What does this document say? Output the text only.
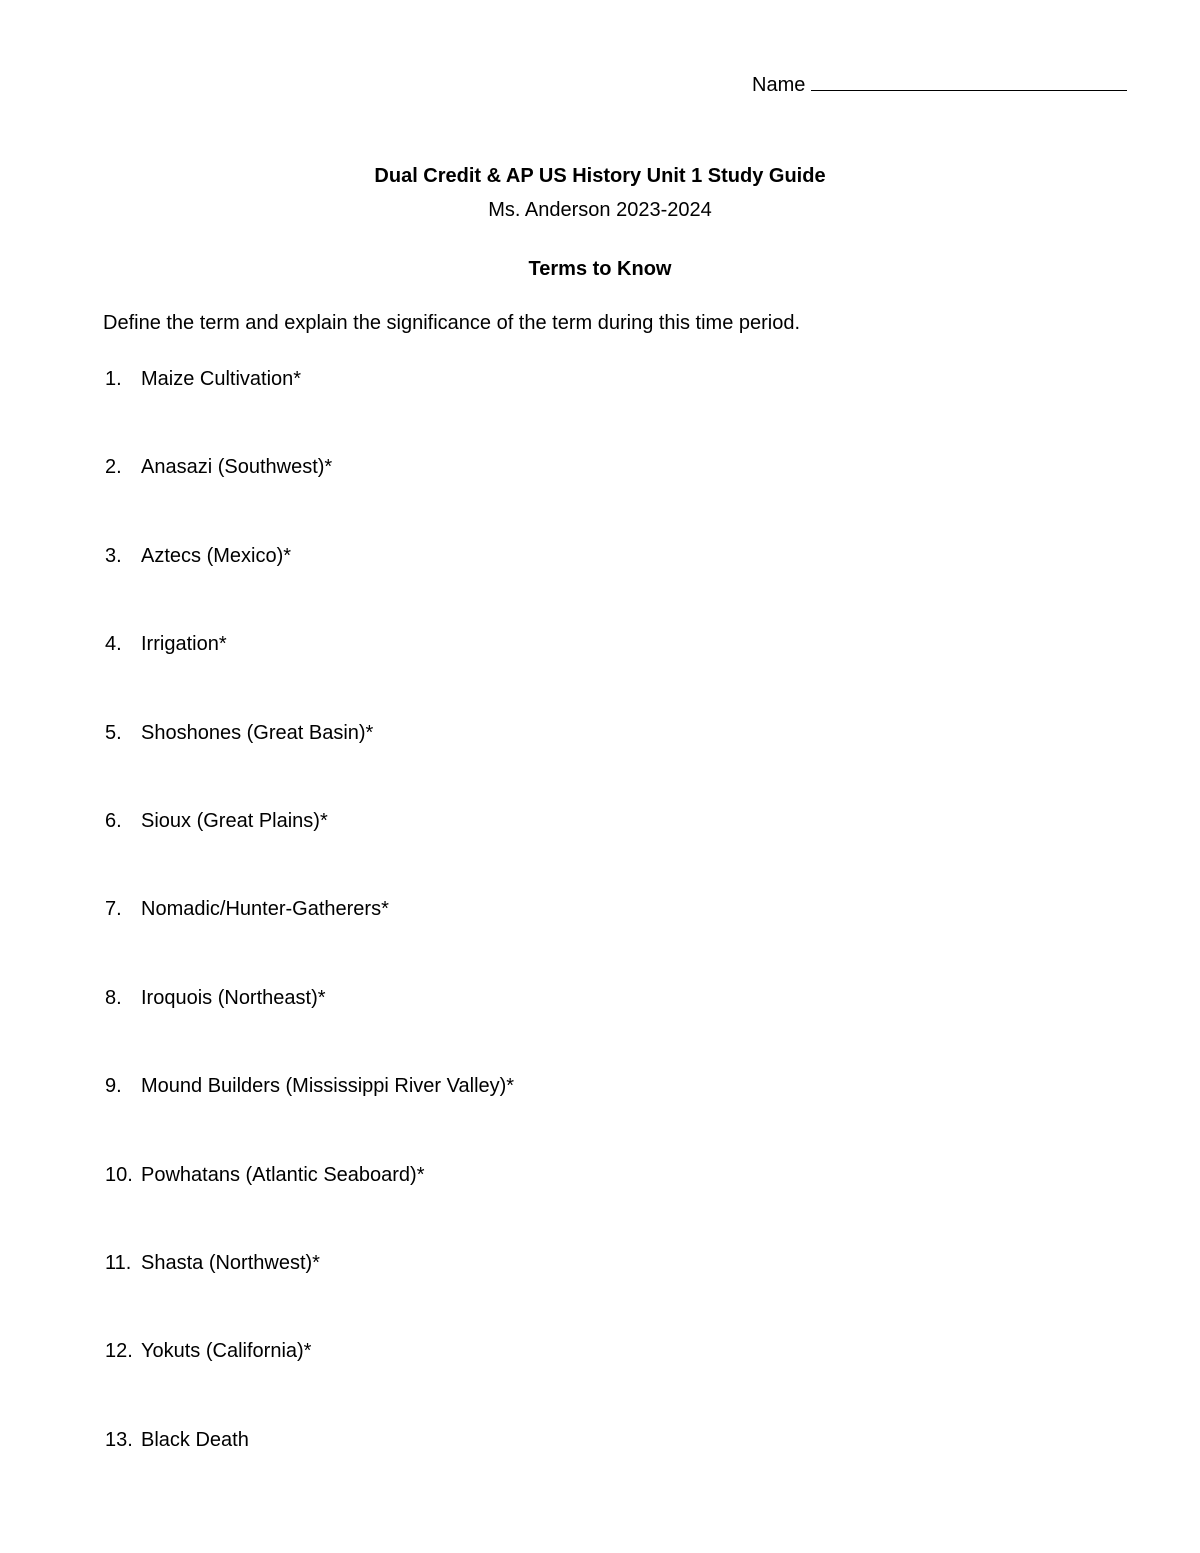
Name
Dual Credit & AP US History Unit 1 Study Guide
Ms. Anderson 2023-2024
Terms to Know
Define the term and explain the significance of the term during this time period.
1. Maize Cultivation*
2. Anasazi (Southwest)*
3. Aztecs (Mexico)*
4. Irrigation*
5. Shoshones (Great Basin)*
6. Sioux (Great Plains)*
7. Nomadic/Hunter-Gatherers*
8. Iroquois (Northeast)*
9. Mound Builders (Mississippi River Valley)*
10. Powhatans (Atlantic Seaboard)*
11. Shasta (Northwest)*
12. Yokuts (California)*
13. Black Death
